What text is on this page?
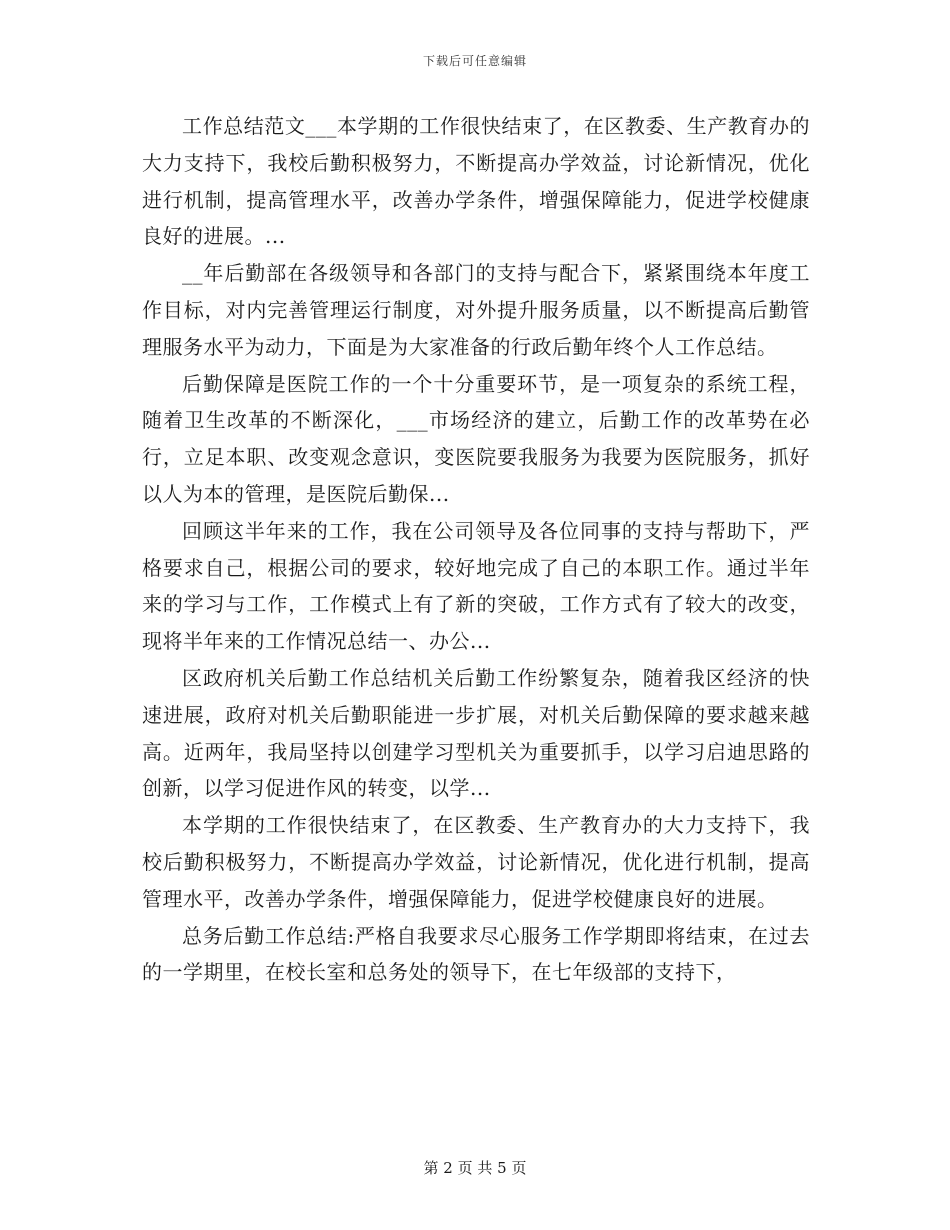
下载后可任意编辑

工作总结范文___本学期的工作很快结束了，在区教委、生产教育办的大力支持下，我校后勤积极努力，不断提高办学效益，讨论新情况，优化进行机制，提高管理水平，改善办学条件，增强保障能力，促进学校健康良好的进展。...

__年后勤部在各级领导和各部门的支持与配合下，紧紧围绕本年度工作目标，对内完善管理运行制度，对外提升服务质量，以不断提高后勤管理服务水平为动力，下面是为大家准备的行政后勤年终个人工作总结。

后勤保障是医院工作的一个十分重要环节，是一项复杂的系统工程，随着卫生改革的不断深化，___市场经济的建立，后勤工作的改革势在必行，立足本职、改变观念意识，变医院要我服务为我要为医院服务，抓好以人为本的管理，是医院后勤保...

回顾这半年来的工作，我在公司领导及各位同事的支持与帮助下，严格要求自己，根据公司的要求，较好地完成了自己的本职工作。通过半年来的学习与工作，工作模式上有了新的突破，工作方式有了较大的改变，现将半年来的工作情况总结一、办公...

区政府机关后勤工作总结机关后勤工作纷繁复杂，随着我区经济的快速进展，政府对机关后勤职能进一步扩展，对机关后勤保障的要求越来越高。近两年，我局坚持以创建学习型机关为重要抓手，以学习启迪思路的创新，以学习促进作风的转变，以学...

本学期的工作很快结束了，在区教委、生产教育办的大力支持下，我校后勤积极努力，不断提高办学效益，讨论新情况，优化进行机制，提高管理水平，改善办学条件，增强保障能力，促进学校健康良好的进展。

总务后勤工作总结:严格自我要求尽心服务工作学期即将结束，在过去的一学期里，在校长室和总务处的领导下，在七年级部的支持下，

第 2 页 共 5 页
